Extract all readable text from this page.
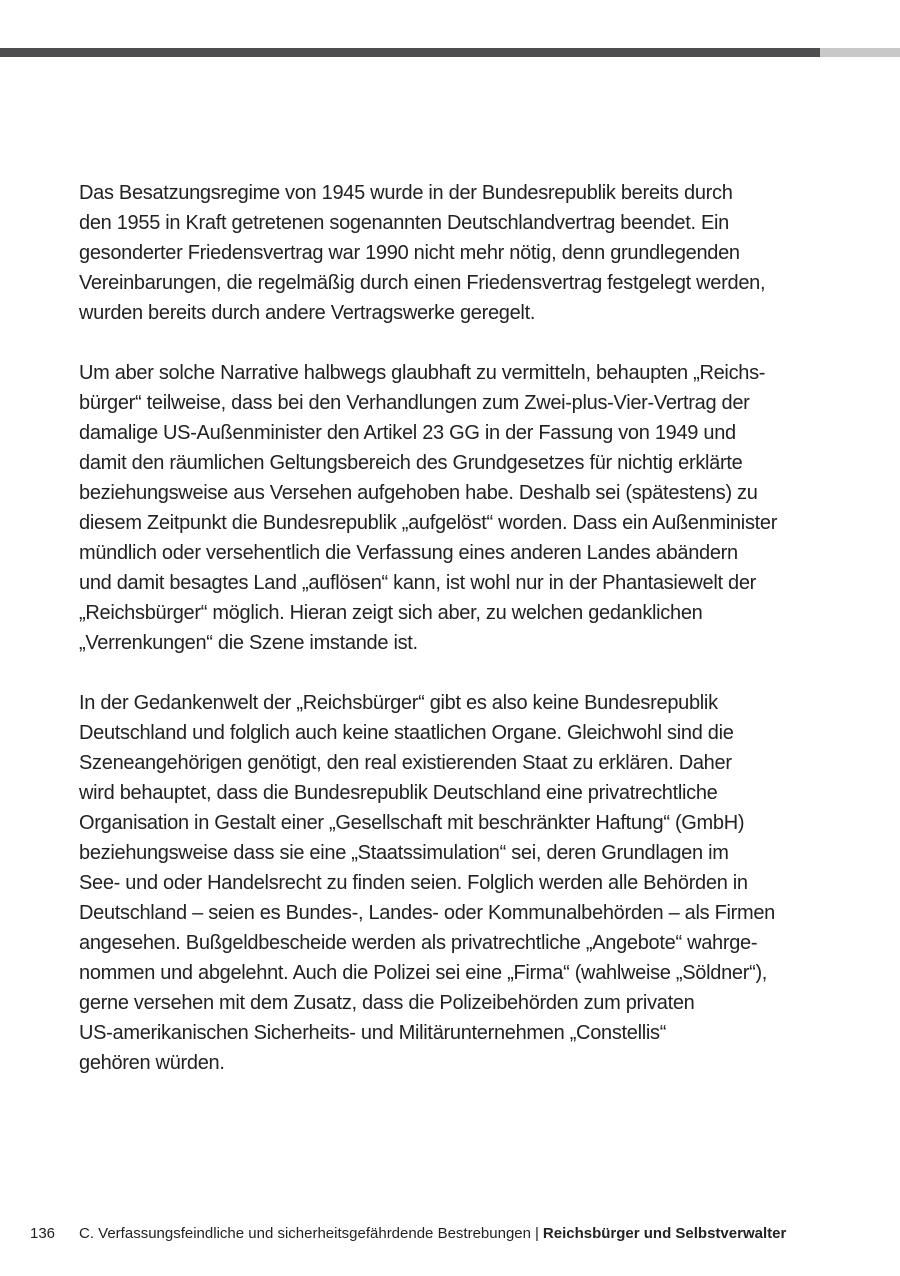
Das Besatzungsregime von 1945 wurde in der Bundesrepublik bereits durch
den 1955 in Kraft getretenen sogenannten Deutschlandvertrag beendet. Ein
gesonderter Friedensvertrag war 1990 nicht mehr nötig, denn grundlegenden
Vereinbarungen, die regelmäßig durch einen Friedensvertrag festgelegt werden,
wurden bereits durch andere Vertragswerke geregelt.

Um aber solche Narrative halbwegs glaubhaft zu vermitteln, behaupten „Reichs-
bürger“ teilweise, dass bei den Verhandlungen zum Zwei-plus-Vier-Vertrag der
damalige US-Außenminister den Artikel 23 GG in der Fassung von 1949 und
damit den räumlichen Geltungsbereich des Grundgesetzes für nichtig erklärte
beziehungsweise aus Versehen aufgehoben habe. Deshalb sei (spätestens) zu
diesem Zeitpunkt die Bundesrepublik „aufgelöst“ worden. Dass ein Außenminister
mündlich oder versehentlich die Verfassung eines anderen Landes abändern
und damit besagtes Land „auflösen“ kann, ist wohl nur in der Phantasiewelt der
„Reichsbürger“ möglich. Hieran zeigt sich aber, zu welchen gedanklichen
„Verrenkungen“ die Szene imstande ist.

In der Gedankenwelt der „Reichsbürger“ gibt es also keine Bundesrepublik
Deutschland und folglich auch keine staatlichen Organe. Gleichwohl sind die
Szeneangehörigen genötigt, den real existierenden Staat zu erklären. Daher
wird behauptet, dass die Bundesrepublik Deutschland eine privatrechtliche
Organisation in Gestalt einer „Gesellschaft mit beschränkter Haftung“ (GmbH)
beziehungsweise dass sie eine „Staatssimulation“ sei, deren Grundlagen im
See- und oder Handelsrecht zu finden seien. Folglich werden alle Behörden in
Deutschland – seien es Bundes-, Landes- oder Kommunalbehörden – als Firmen
angesehen. Bußgeldbescheide werden als privatrechtliche „Angebote“ wahrge-
nommen und abgelehnt. Auch die Polizei sei eine „Firma“ (wahlweise „Söldner“),
gerne versehen mit dem Zusatz, dass die Polizeibehörden zum privaten
US-amerikanischen Sicherheits- und Militärunternehmen „Constellis“
gehören würden.

136 C. Verfassungsfeindliche und sicherheitsgefährdende Bestrebungen | Reichsbürger und Selbstverwalter
